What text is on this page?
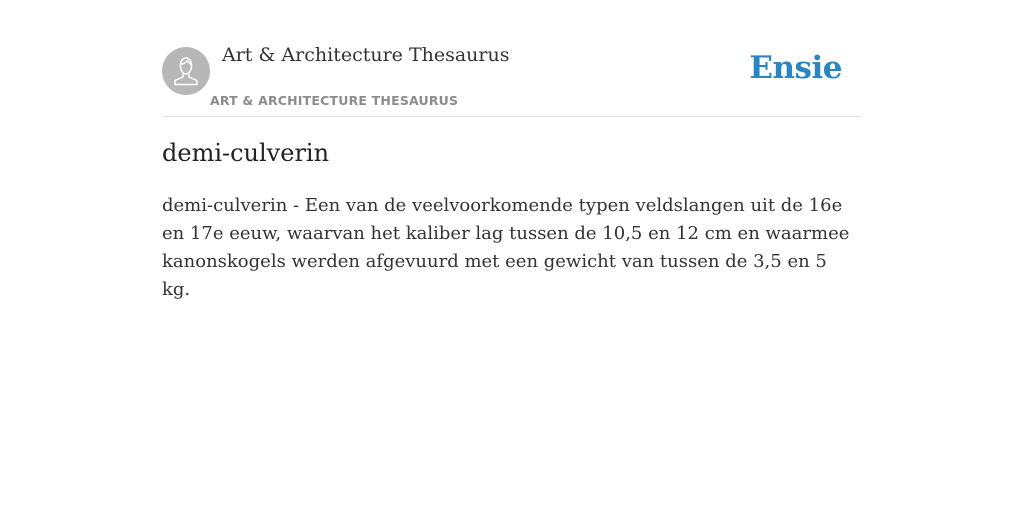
Art & Architecture Thesaurus
ART & ARCHITECTURE THESAURUS
Ensie
demi-culverin

demi-culverin - Een van de veelvoorkomende typen veldslangen uit de 16e en 17e eeuw, waarvan het kaliber lag tussen de 10,5 en 12 cm en waarmee kanonskogels werden afgevuurd met een gewicht van tussen de 3,5 en 5 kg.
